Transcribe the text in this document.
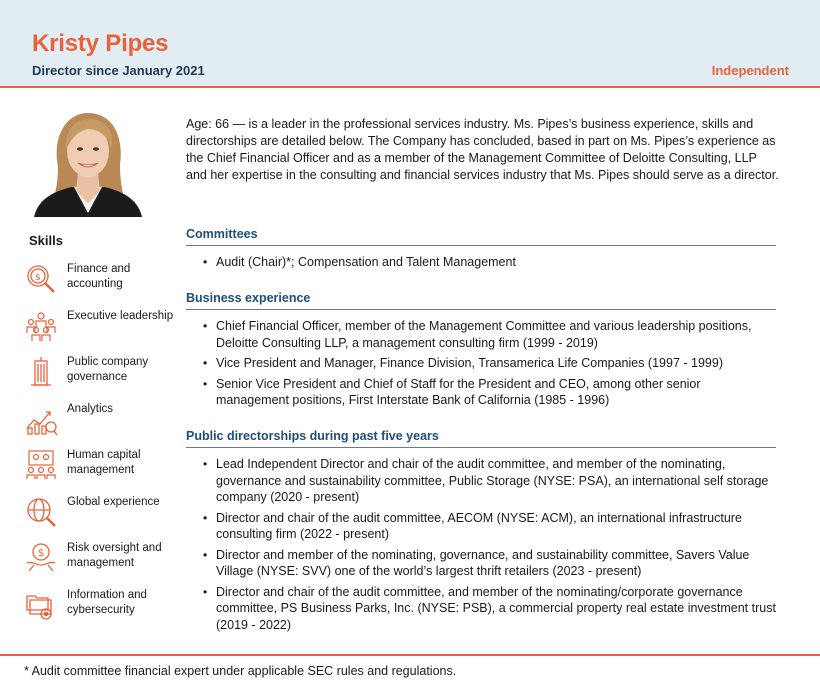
Kristy Pipes
Director since January 2021	Independent
Skills
$
Finance and accounting
Executive leadership
Public company governance
Analytics
Human capital management
Global experience
$ Risk oversight and management
Information and cybersecurity
Age: 66 — is a leader in the professional services industry. Ms. Pipes’s business experience, skills and directorships are detailed below. The Company has concluded, based in part on Ms. Pipes’s experience as the Chief Financial Officer and as a member of the Management Committee of Deloitte Consulting, LLP and her expertise in the consulting and financial services industry that Ms. Pipes should serve as a director.
Committees
• Audit (Chair)*; Compensation and Talent Management
Business experience
• Chief Financial Officer, member of the Management Committee and various leadership positions, Deloitte Consulting LLP, a management consulting firm (1999 - 2019)
• Vice President and Manager, Finance Division, Transamerica Life Companies (1997 - 1999)
• Senior Vice President and Chief of Staff for the President and CEO, among other senior management positions, First Interstate Bank of California (1985 - 1996)
Public directorships during past five years
• Lead Independent Director and chair of the audit committee, and member of the nominating, governance and sustainability committee, Public Storage (NYSE: PSA), an international self storage company (2020 - present)
• Director and chair of the audit committee, AECOM (NYSE: ACM), an international infrastructure consulting firm (2022 - present)
• Director and member of the nominating, governance, and sustainability committee, Savers Value Village (NYSE: SVV) one of the world’s largest thrift retailers (2023 - present)
• Director and chair of the audit committee, and member of the nominating/corporate governance committee, PS Business Parks, Inc. (NYSE: PSB), a commercial property real estate investment trust (2019 - 2022)
* Audit committee financial expert under applicable SEC rules and regulations.
